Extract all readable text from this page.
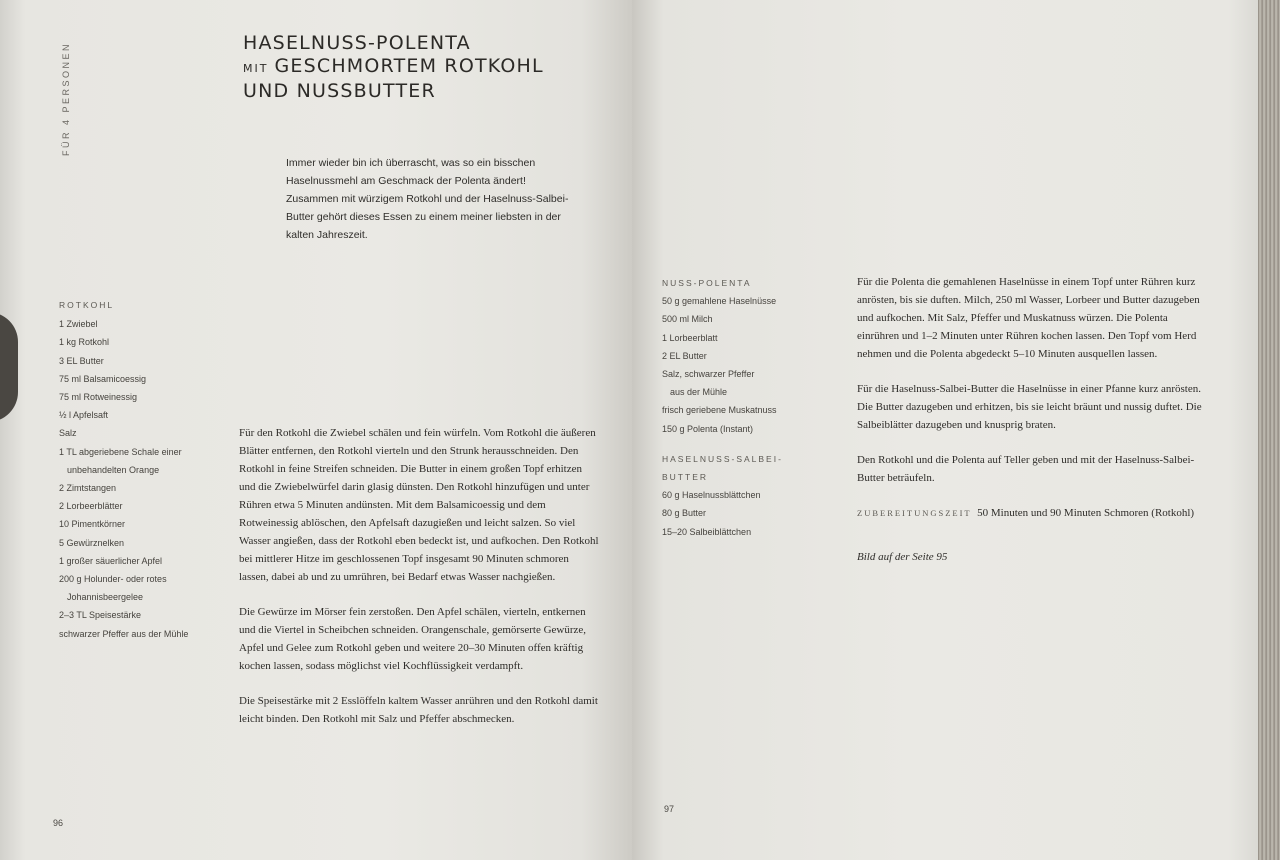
FÜR 4 PERSONEN	HASELNUSS-POLENTA
MIT GESCHMORTEM ROTKOHL
UND NUSSBUTTER
Immer wieder bin ich überrascht, was so ein bisschen Haselnussmehl am Geschmack der Polenta ändert! Zusammen mit würzigem Rotkohl und der Haselnuss-Salbei-Butter gehört dieses Essen zu einem meiner liebsten in der kalten Jahreszeit.
ROTKOHL
1 Zwiebel
1 kg Rotkohl
3 EL Butter
75 ml Balsamicoessig
75 ml Rotweinessig
½ l Apfelsaft
Salz
1 TL abgeriebene Schale einer
unbehandelten Orange
2 Zimtstangen
2 Lorbeerblätter
10 Pimentkörner
5 Gewürznelken
1 großer säuerlicher Apfel
200 g Holunder- oder rotes
Johannisbeergelee
2–3 TL Speisestärke
schwarzer Pfeffer aus der Mühle

Für den Rotkohl die Zwiebel schälen und fein würfeln. Vom Rotkohl die äußeren Blätter entfernen, den Rotkohl vierteln und den Strunk herausschneiden. Den Rotkohl in feine Streifen schneiden. Die Butter in einem großen Topf erhitzen und die Zwiebelwürfel darin glasig dünsten. Den Rotkohl hinzufügen und unter Rühren etwa 5 Minuten andünsten. Mit dem Balsamicoessig und dem Rotweinessig ablöschen, den Apfelsaft dazugießen und leicht salzen. So viel Wasser angießen, dass der Rotkohl eben bedeckt ist, und aufkochen. Den Rotkohl bei mittlerer Hitze im geschlossenen Topf insgesamt 90 Minuten schmoren lassen, dabei ab und zu umrühren, bei Bedarf etwas Wasser nachgießen.

Die Gewürze im Mörser fein zerstoßen. Den Apfel schälen, vierteln, entkernen und die Viertel in Scheibchen schneiden. Orangenschale, gemörserte Gewürze, Apfel und Gelee zum Rotkohl geben und weitere 20–30 Minuten offen kräftig kochen lassen, sodass möglichst viel Kochflüssigkeit verdampft.

Die Speisestärke mit 2 Esslöffeln kaltem Wasser anrühren und den Rotkohl damit leicht binden. Den Rotkohl mit Salz und Pfeffer abschmecken.

96
NUSS-POLENTA
50 g gemahlene Haselnüsse
500 ml Milch
1 Lorbeerblatt
2 EL Butter
Salz, schwarzer Pfeffer
aus der Mühle
frisch geriebene Muskatnuss
150 g Polenta (Instant)
HASELNUSS-SALBEI-
BUTTER
60 g Haselnussblättchen
80 g Butter
15–20 Salbeiblättchen

Für die Polenta die gemahlenen Haselnüsse in einem Topf unter Rühren kurz anrösten, bis sie duften. Milch, 250 ml Wasser, Lorbeer und Butter dazugeben und aufkochen. Mit Salz, Pfeffer und Muskatnuss würzen. Die Polenta einrühren und 1–2 Minuten unter Rühren kochen lassen. Den Topf vom Herd nehmen und die Polenta abgedeckt 5–10 Minuten ausquellen lassen.

Für die Haselnuss-Salbei-Butter die Haselnüsse in einer Pfanne kurz anrösten. Die Butter dazugeben und erhitzen, bis sie leicht bräunt und nussig duftet. Die Salbeiblätter dazugeben und knusprig braten.

Den Rotkohl und die Polenta auf Teller geben und mit der Haselnuss-Salbei-Butter beträufeln.

ZUBEREITUNGSZEIT 50 Minuten und 90 Minuten Schmoren (Rotkohl)

Bild auf der Seite 95

97
